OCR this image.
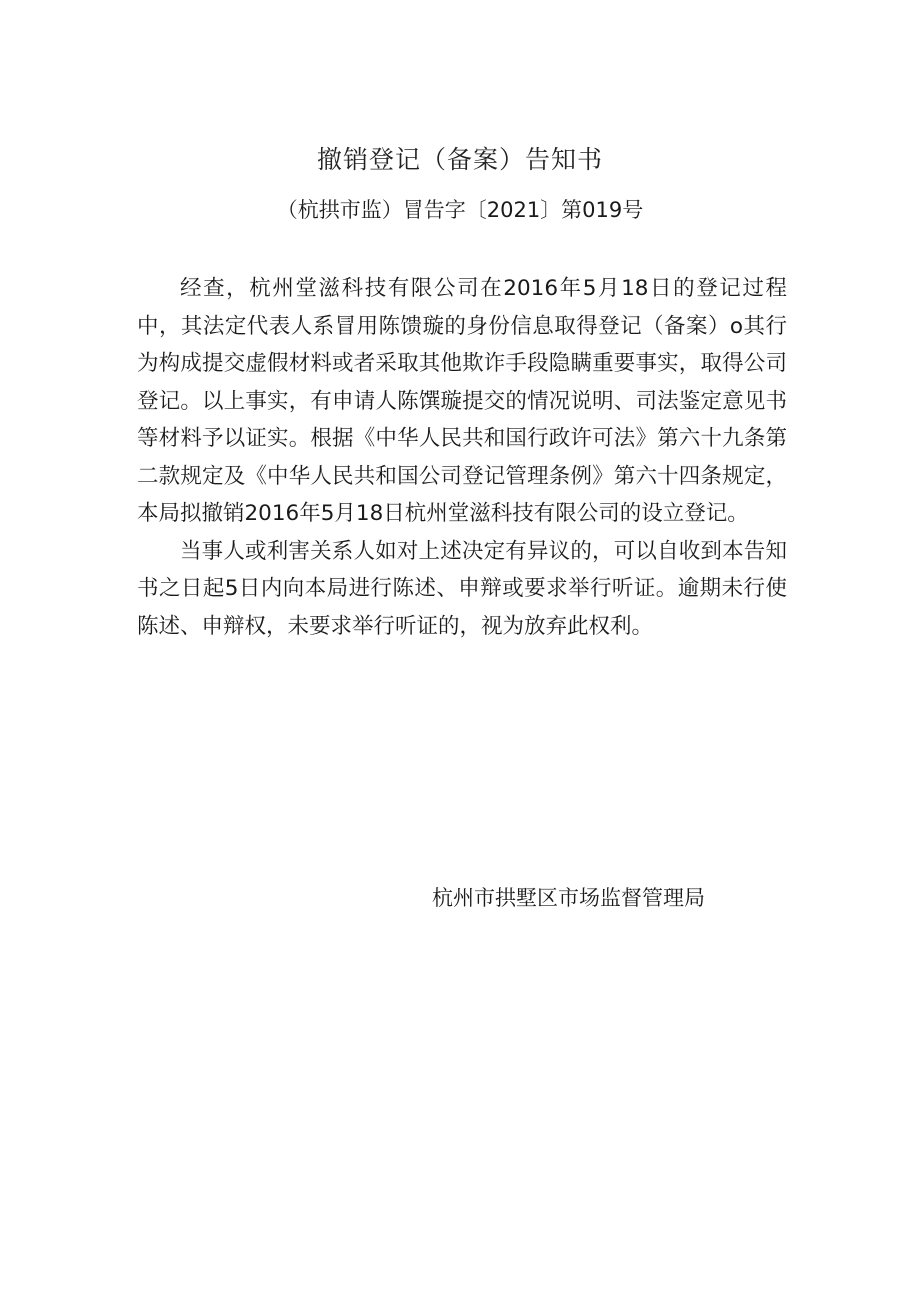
撤销登记（备案）告知书
（杭拱市监）冒告字〔2021〕第019号

经查，杭州堂滋科技有限公司在2016年5月18日的登记过程中，其法定代表人系冒用陈馈璇的身份信息取得登记（备案）o其行为构成提交虚假材料或者采取其他欺诈手段隐瞒重要事实，取得公司登记。以上事实，有申请人陈馔璇提交的情况说明、司法鉴定意见书等材料予以证实。根据《中华人民共和国行政许可法》第六十九条第二款规定及《中华人民共和国公司登记管理条例》第六十四条规定，本局拟撤销2016年5月18日杭州堂滋科技有限公司的设立登记。

当事人或利害关系人如对上述决定有异议的，可以自收到本告知书之日起5日内向本局进行陈述、申辩或要求举行听证。逾期未行使陈述、申辩权，未要求举行听证的，视为放弃此权利。

杭州市拱墅区市场监督管理局
